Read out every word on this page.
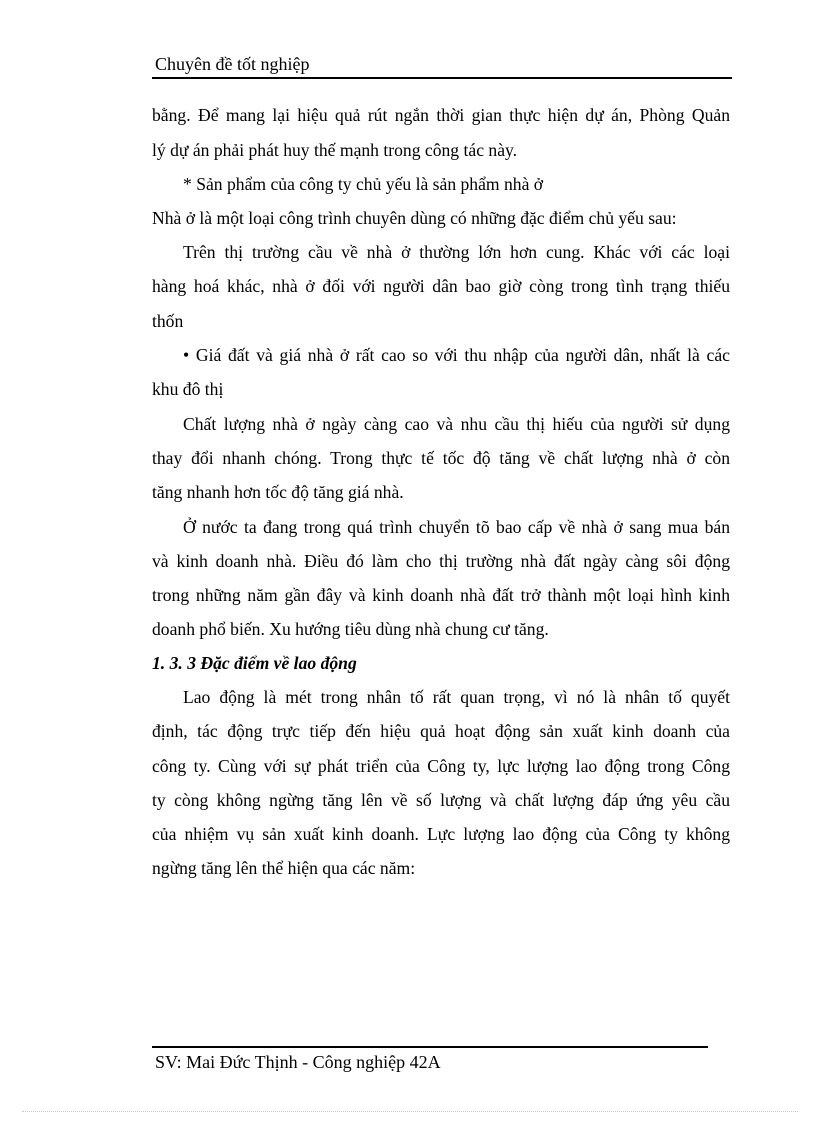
Chuyên đề tốt nghiệp
bằng. Để mang lại hiệu quả rút ngắn thời gian thực hiện dự án, Phòng Quản
lý dự án phải phát huy thế mạnh trong công tác này.
* Sản phẩm của công ty chủ yếu là sản phẩm nhà ở
Nhà ở là một loại công trình chuyên dùng có những đặc điểm chủ yếu sau:
Trên thị trường cầu về nhà ở thường lớn hơn cung. Khác với các loại
hàng hoá khác, nhà ở đối với người dân bao giờ còng trong tình trạng thiếu
thốn
• Giá đất và giá nhà ở rất cao so với thu nhập của người dân, nhất là các
khu đô thị
Chất lượng nhà ở ngày càng cao và nhu cầu thị hiếu của người sử dụng
thay đổi nhanh chóng. Trong thực tế tốc độ tăng về chất lượng nhà ở còn
tăng nhanh hơn tốc độ tăng giá nhà.
Ở nước ta đang trong quá trình chuyển tõ bao cấp về nhà ở sang mua bán
và kinh doanh nhà. Điều đó làm cho thị trường nhà đất ngày càng sôi động
trong những năm gần đây và kinh doanh nhà đất trở thành một loại hình kinh
doanh phổ biến. Xu hướng tiêu dùng nhà chung cư tăng.
1. 3. 3 Đặc điểm về lao động
Lao động là mét trong nhân tố rất quan trọng, vì nó là nhân tố quyết
định, tác động trực tiếp đến hiệu quả hoạt động sản xuất kinh doanh của
công ty. Cùng với sự phát triển của Công ty, lực lượng lao động trong Công
ty còng không ngừng tăng lên về số lượng và chất lượng đáp ứng yêu cầu
của nhiệm vụ sản xuất kinh doanh. Lực lượng lao động của Công ty không
ngừng tăng lên thể hiện qua các năm:
SV: Mai Đức Thịnh - Công nghiệp 42A
